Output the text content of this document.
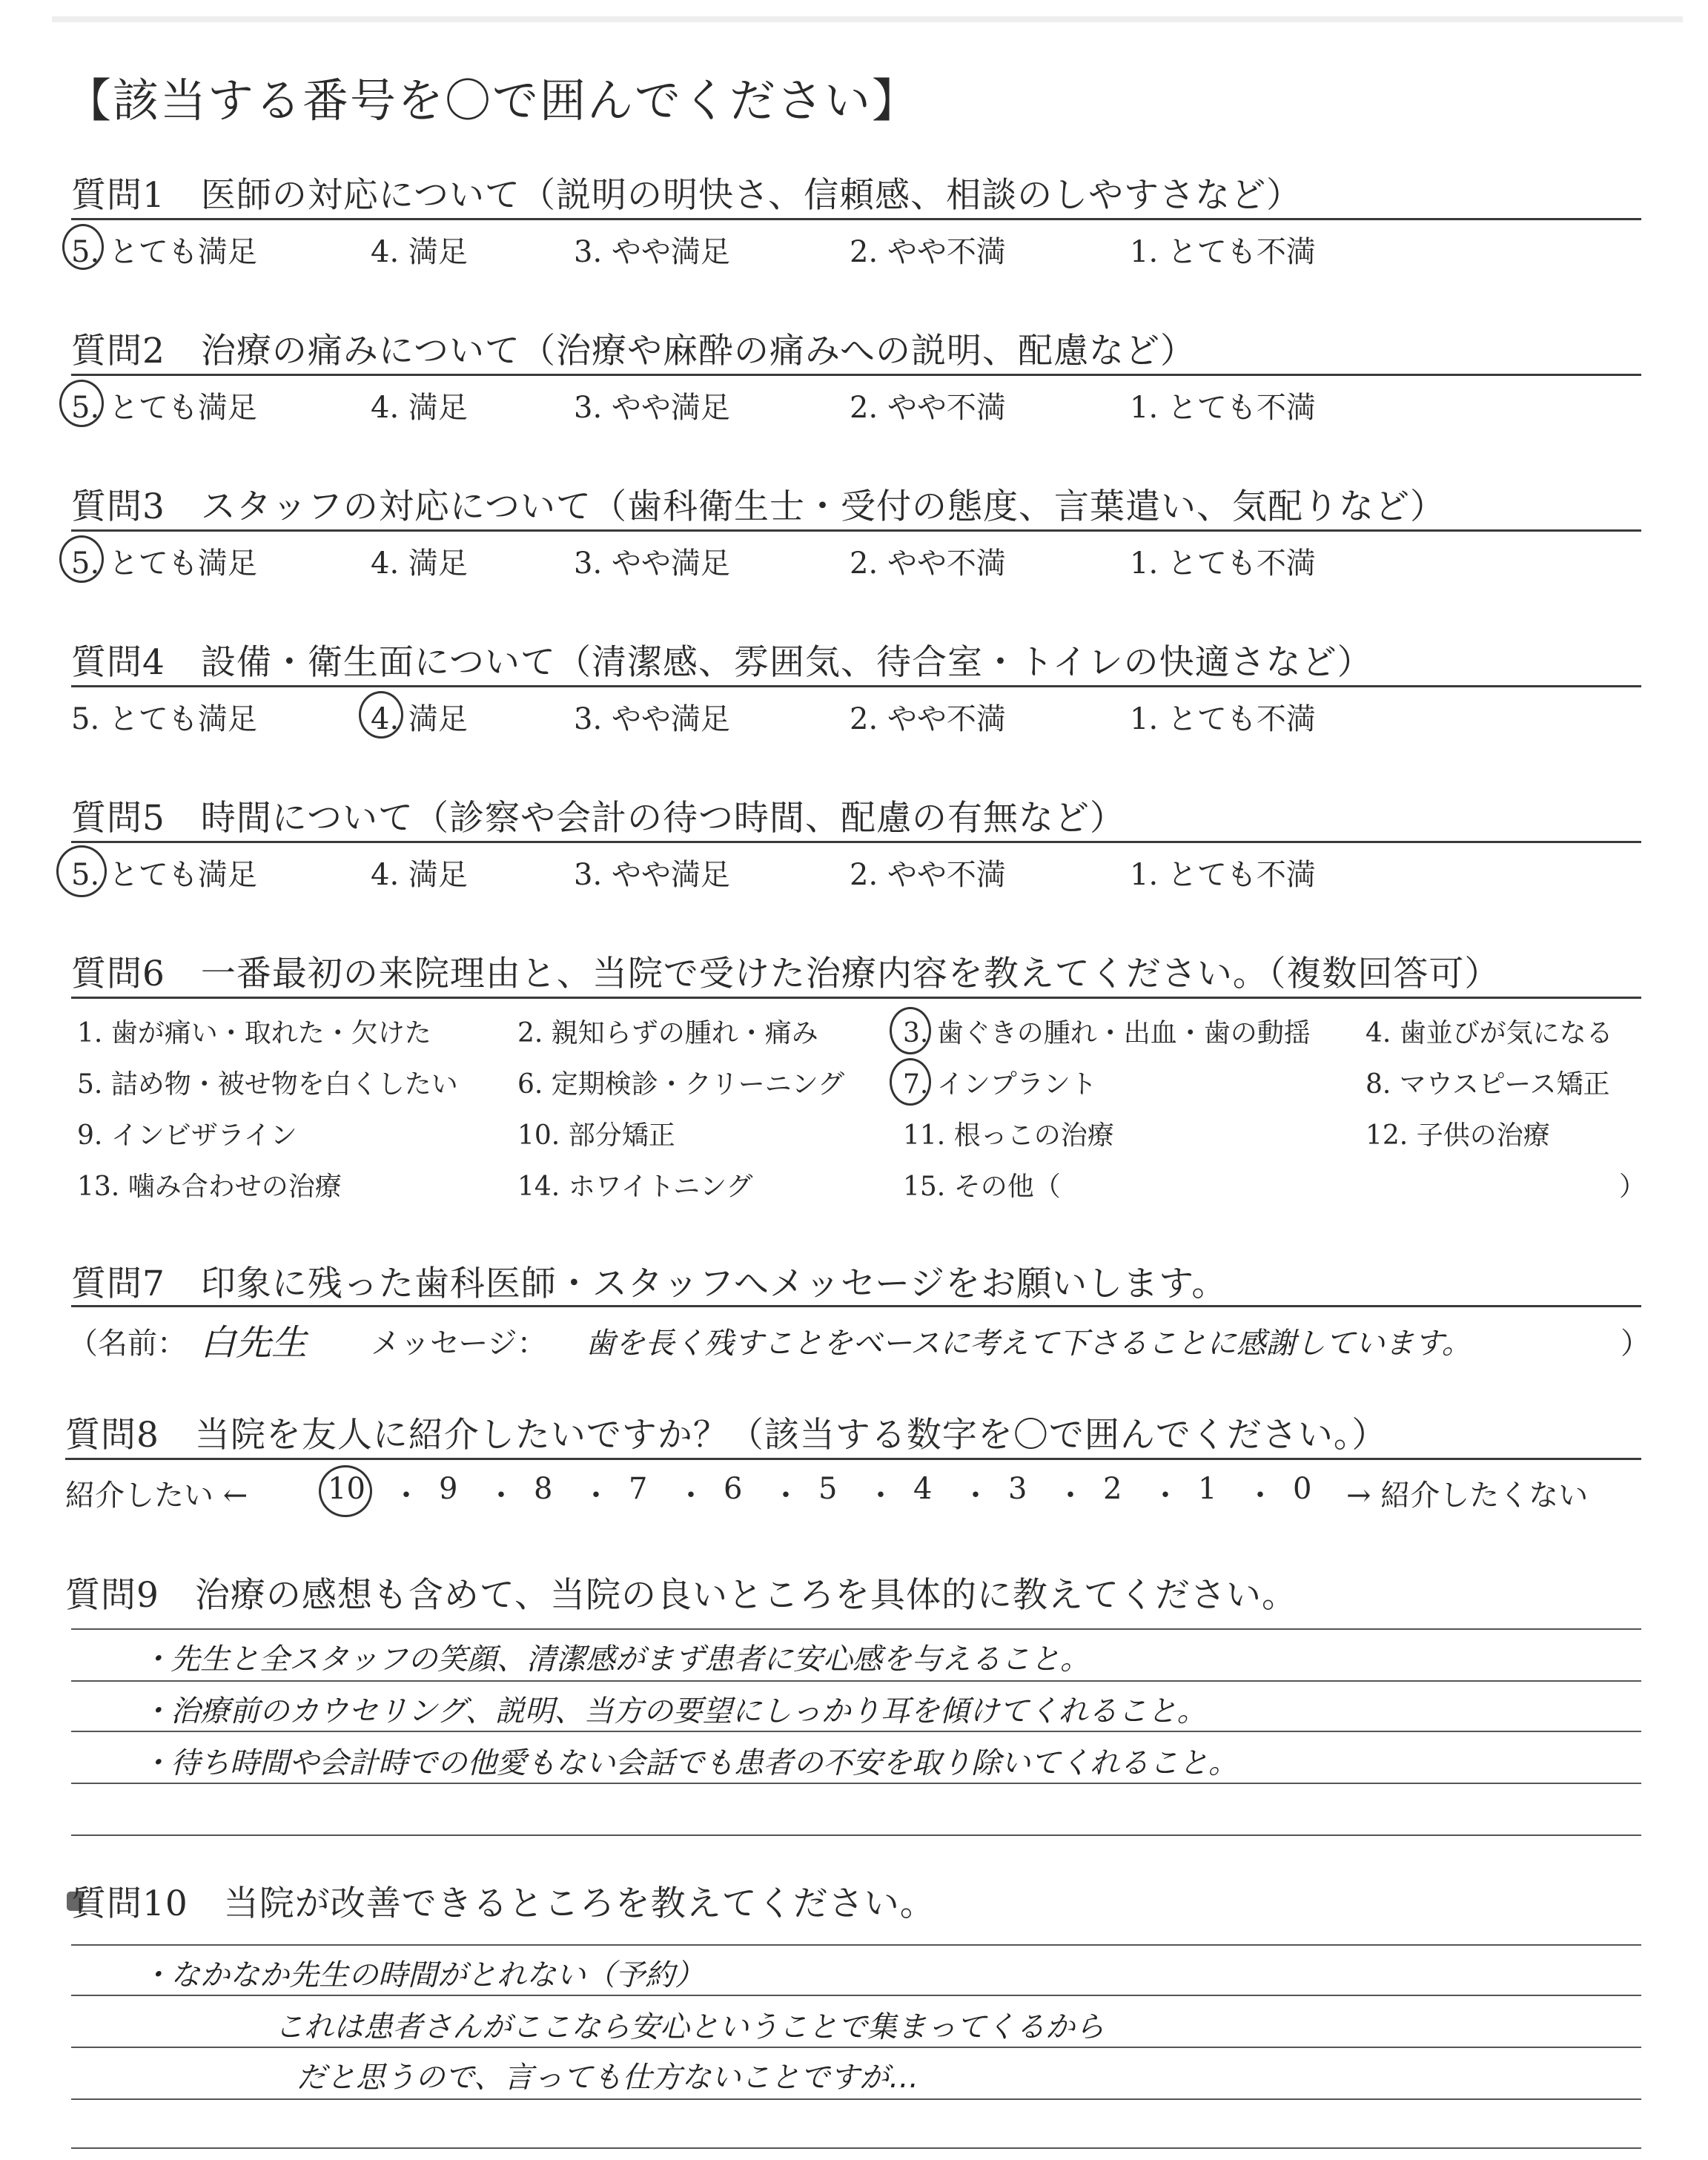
【該当する番号を〇で囲んでください】
質問1　医師の対応について（説明の明快さ、信頼感、相談のしやすさなど）
5. とても満足	4. 満足	3. やや満足	2. やや不満	1. とても不満
質問2　治療の痛みについて（治療や麻酔の痛みへの説明、配慮など）
5. とても満足	4. 満足	3. やや満足	2. やや不満	1. とても不満
質問3　スタッフの対応について（歯科衛生士・受付の態度、言葉遣い、気配りなど）
5. とても満足	4. 満足	3. やや満足	2. やや不満	1. とても不満
質問4　設備・衛生面について（清潔感、雰囲気、待合室・トイレの快適さなど）
5. とても満足	4. 満足	3. やや満足	2. やや不満	1. とても不満
質問5　時間について（診察や会計の待つ時間、配慮の有無など）
5. とても満足	4. 満足	3. やや満足	2. やや不満	1. とても不満
質問6　一番最初の来院理由と、当院で受けた治療内容を教えてください。（複数回答可）
1. 歯が痛い・取れた・欠けた	2. 親知らずの腫れ・痛み	3. 歯ぐきの腫れ・出血・歯の動揺 4. 歯並びが気になる
5. 詰め物・被せ物を白くしたい 6. 定期検診・クリーニング 7. インプラント	8. マウスピース矯正
9. インビザライン	10. 部分矯正	11. 根っこの治療	12. 子供の治療
13. 噛み合わせの治療	14. ホワイトニング	15. その他（	）
質問7　印象に残った歯科医師・スタッフへメッセージをお願いします。
（名前： 白先生 メッセージ： 歯を長く残すことをベースに考えて下さることに感謝しています。	）
質問8　当院を友人に紹介したいですか？（該当する数字を〇で囲んでください。）
紹介したい ←	10 ・ 9 ・ 8 ・ 7 ・ 6 ・ 5 ・ 4 ・ 3 ・ 2 ・ 1 ・ 0 → 紹介したくない
質問9　治療の感想も含めて、当院の良いところを具体的に教えてください。
・先生と全スタッフの笑顔、清潔感がまず患者に安心感を与えること。
・治療前のカウセリング、説明、当方の要望にしっかり耳を傾けてくれること。
・待ち時間や会計時での他愛もない会話でも患者の不安を取り除いてくれること。
質問10　当院が改善できるところを教えてください。
・なかなか先生の時間がとれない（予約）
これは患者さんがここなら安心ということで集まってくるから
だと思うので、言っても仕方ないことですが…
